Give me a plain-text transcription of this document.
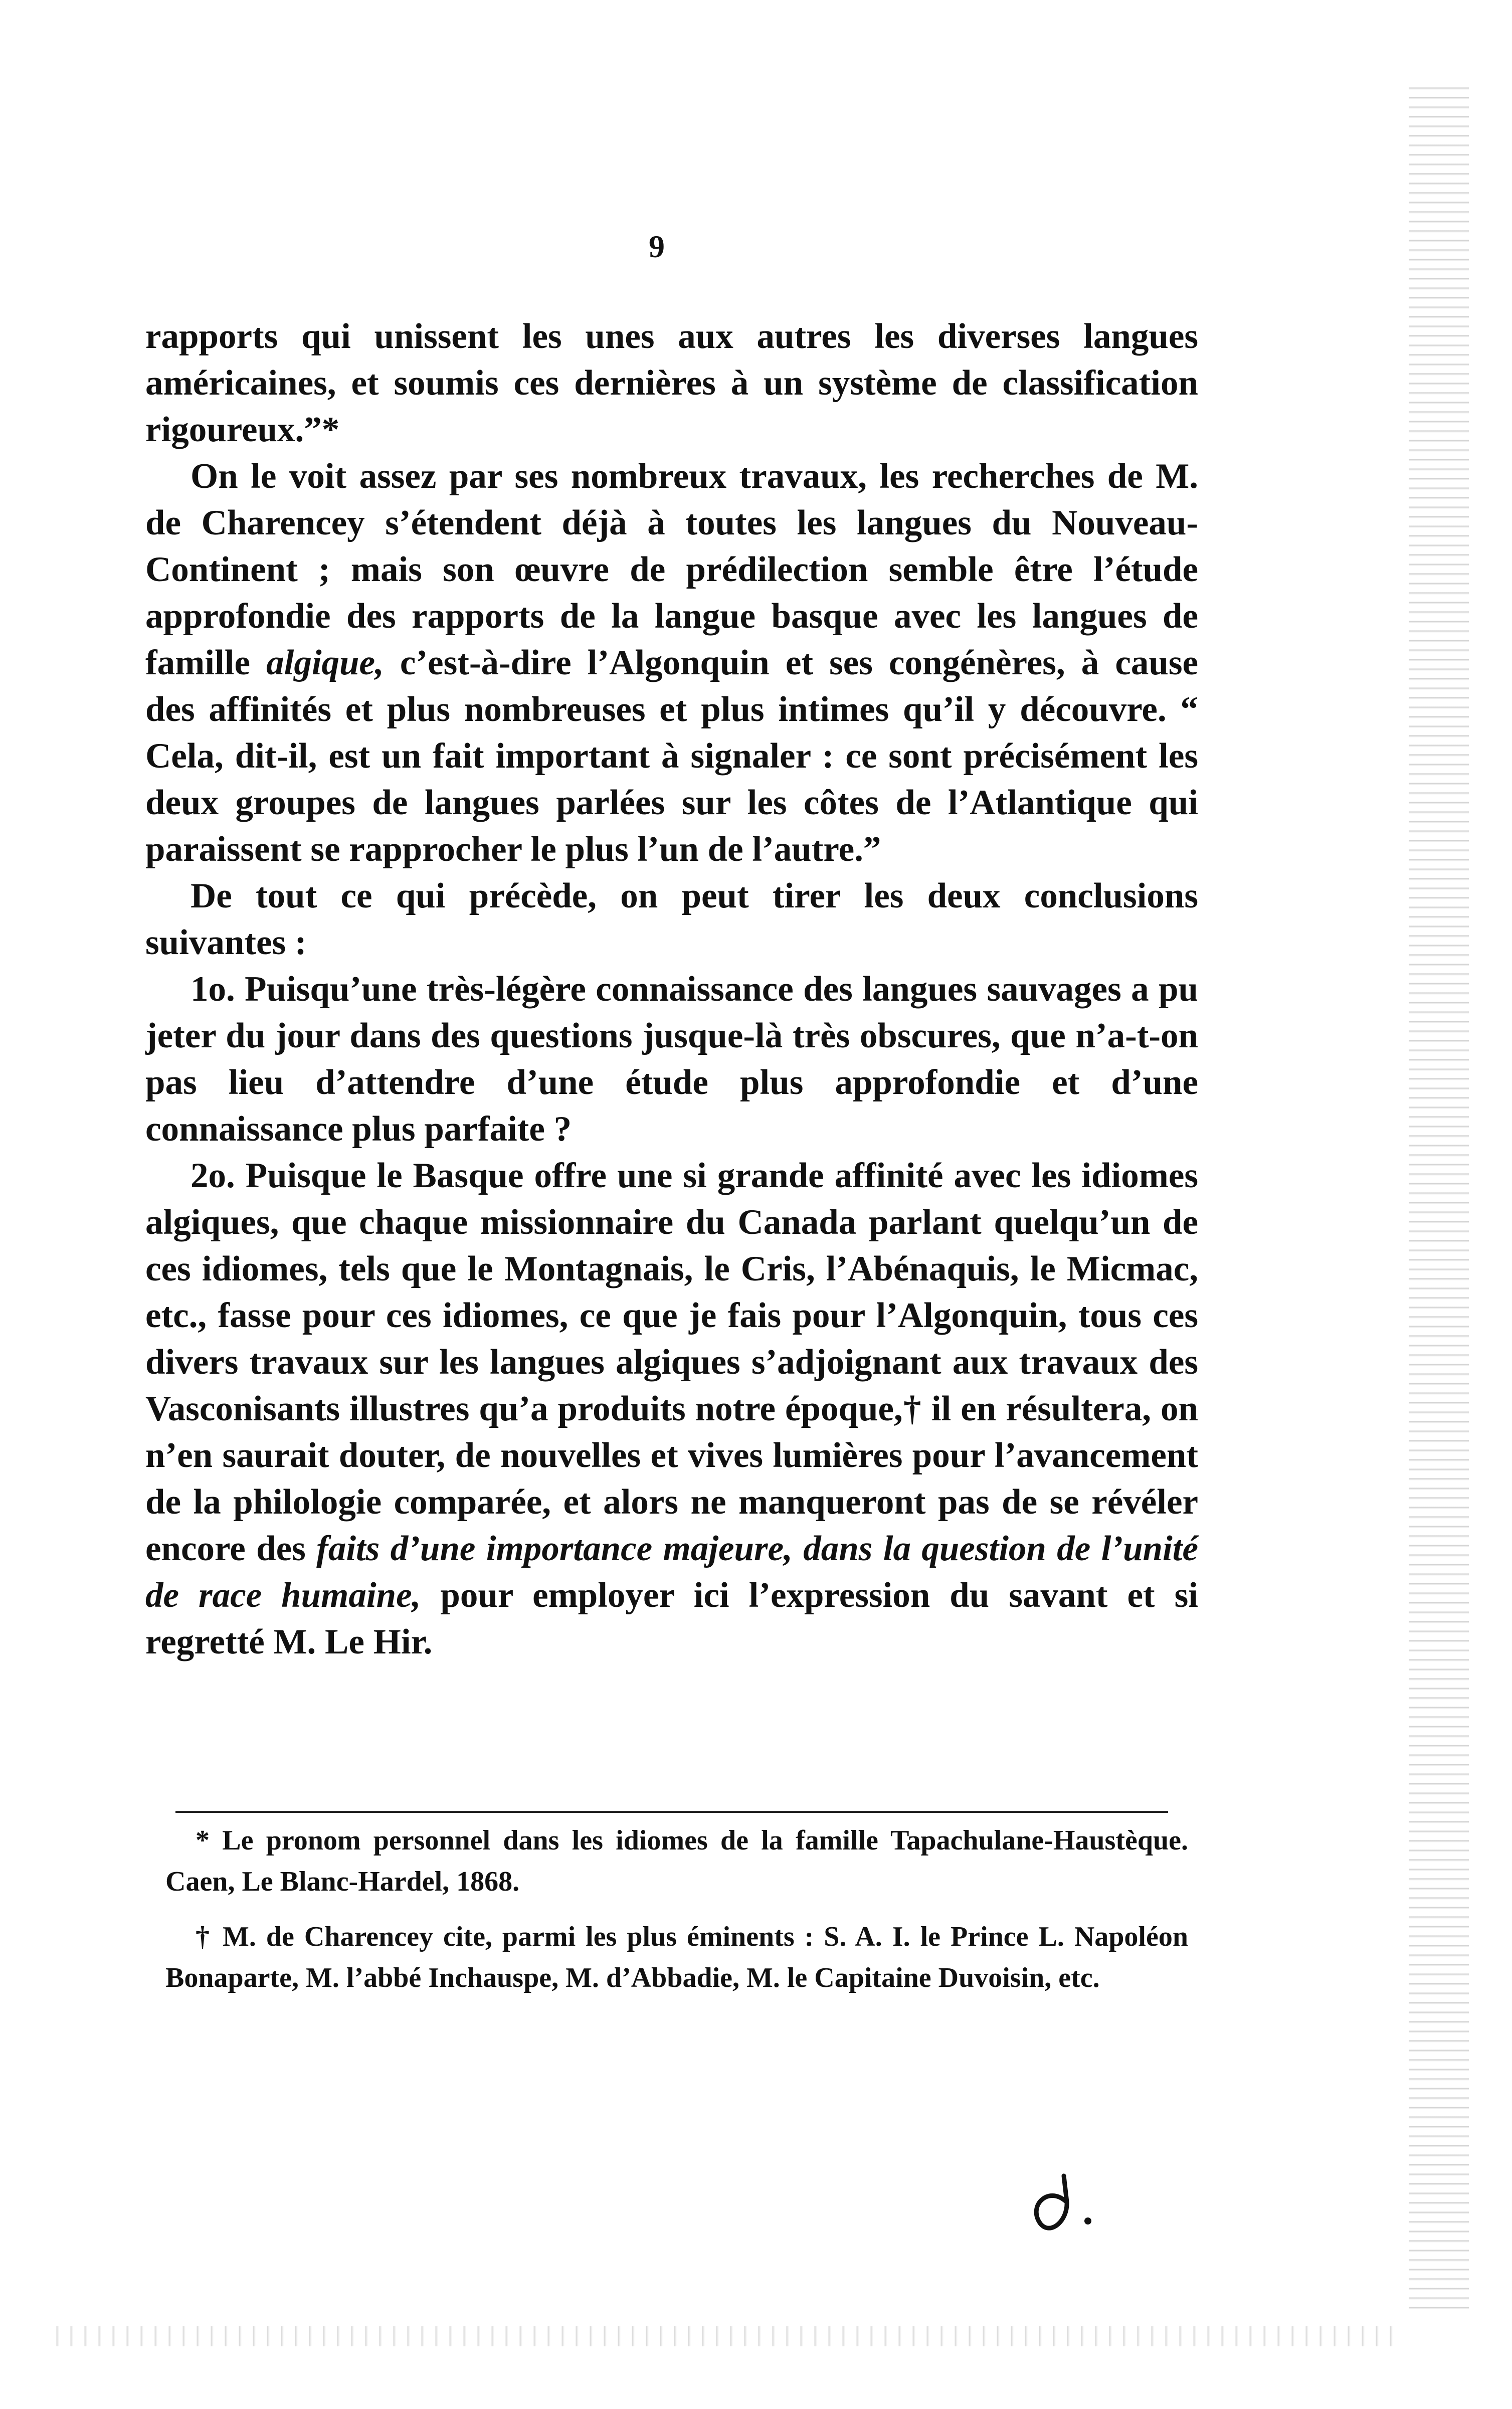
9

rapports qui unissent les unes aux autres les diverses langues américaines, et soumis ces dernières à un système de classification rigoureux.”*

On le voit assez par ses nombreux travaux, les recherches de M. de Charencey s’étendent déjà à toutes les langues du Nouveau-Continent ; mais son œuvre de prédilection semble être l’étude approfondie des rapports de la langue basque avec les langues de famille algique, c’est-à-dire l’Algonquin et ses congénères, à cause des affinités et plus nombreuses et plus intimes qu’il y découvre. “ Cela, dit-il, est un fait important à signaler : ce sont précisément les deux groupes de langues parlées sur les côtes de l’Atlantique qui paraissent se rapprocher le plus l’un de l’autre.”

De tout ce qui précède, on peut tirer les deux conclusions suivantes :

1o. Puisqu’une très-légère connaissance des langues sauvages a pu jeter du jour dans des questions jusque-là très obscures, que n’a-t-on pas lieu d’attendre d’une étude plus approfondie et d’une connaissance plus parfaite ?

2o. Puisque le Basque offre une si grande affinité avec les idiomes algiques, que chaque missionnaire du Canada parlant quelqu’un de ces idiomes, tels que le Montagnais, le Cris, l’Abénaquis, le Micmac, etc., fasse pour ces idiomes, ce que je fais pour l’Algonquin, tous ces divers travaux sur les langues algiques s’adjoignant aux travaux des Vasconisants illustres qu’a produits notre époque,† il en résultera, on n’en saurait douter, de nouvelles et vives lumières pour l’avancement de la philologie comparée, et alors ne manqueront pas de se révéler encore des faits d’une importance majeure, dans la question de l’unité de race humaine, pour employer ici l’expression du savant et si regretté M. Le Hir.

* Le pronom personnel dans les idiomes de la famille Tapachulane-Haustèque. Caen, Le Blanc-Hardel, 1868.

† M. de Charencey cite, parmi les plus éminents : S. A. I. le Prince L. Napoléon Bonaparte, M. l’abbé Inchauspe, M. d’Abbadie, M. le Capitaine Duvoisin, etc.
